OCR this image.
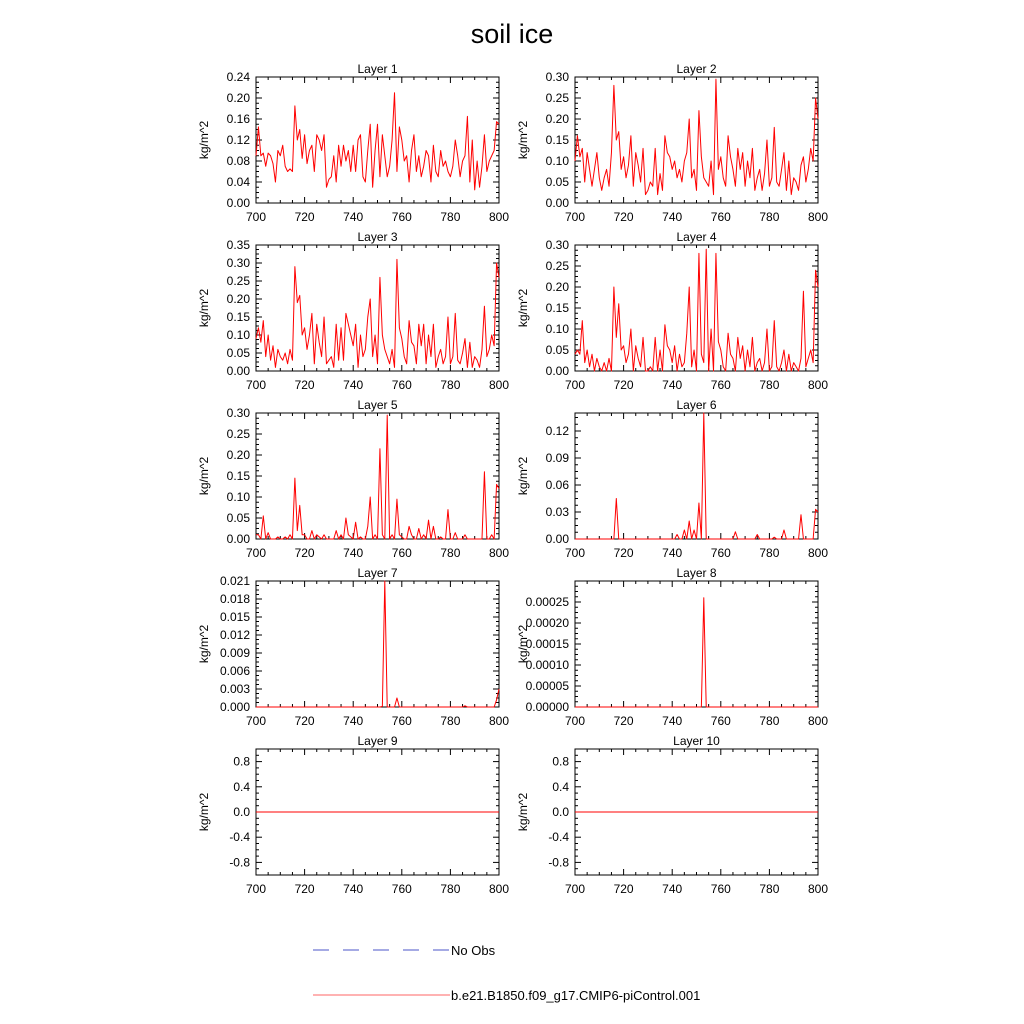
soil ice
Layer 1
kg/m^2
700 720 740 760 780 800
0.00
0.04
0.08
0.12
0.16
0.20
0.24
Layer 2
kg/m^2
700 720 740 760 780 800
0.00
0.05
0.10
0.15
0.20
0.25
0.30
Layer 3
kg/m^2
700 720 740 760 780 800
0.00
0.05
0.10
0.15
0.20
0.25
0.30
0.35
Layer 4
kg/m^2
700 720 740 760 780 800
0.00
0.05
0.10
0.15
0.20
0.25
0.30
Layer 5
kg/m^2
700 720 740 760 780 800
0.00
0.05
0.10
0.15
0.20
0.25
0.30
Layer 6
kg/m^2
700 720 740 760 780 800
0.00
0.03
0.06
0.09
0.12
Layer 7
kg/m^2
700 720 740 760 780 800
0.000
0.003
0.006
0.009
0.012
0.015
0.018
0.021
Layer 8
kg/m^2
700 720 740 760 780 800
0.00000
0.00005
0.00010
0.00015
0.00020
0.00025
Layer 9
kg/m^2
700 720 740 760 780 800
-0.8
-0.4
0.0
0.4
0.8
Layer 10
kg/m^2
700 720 740 760 780 800
-0.8
-0.4
0.0
0.4
0.8
No Obs
b.e21.B1850.f09_g17.CMIP6-piControl.001
